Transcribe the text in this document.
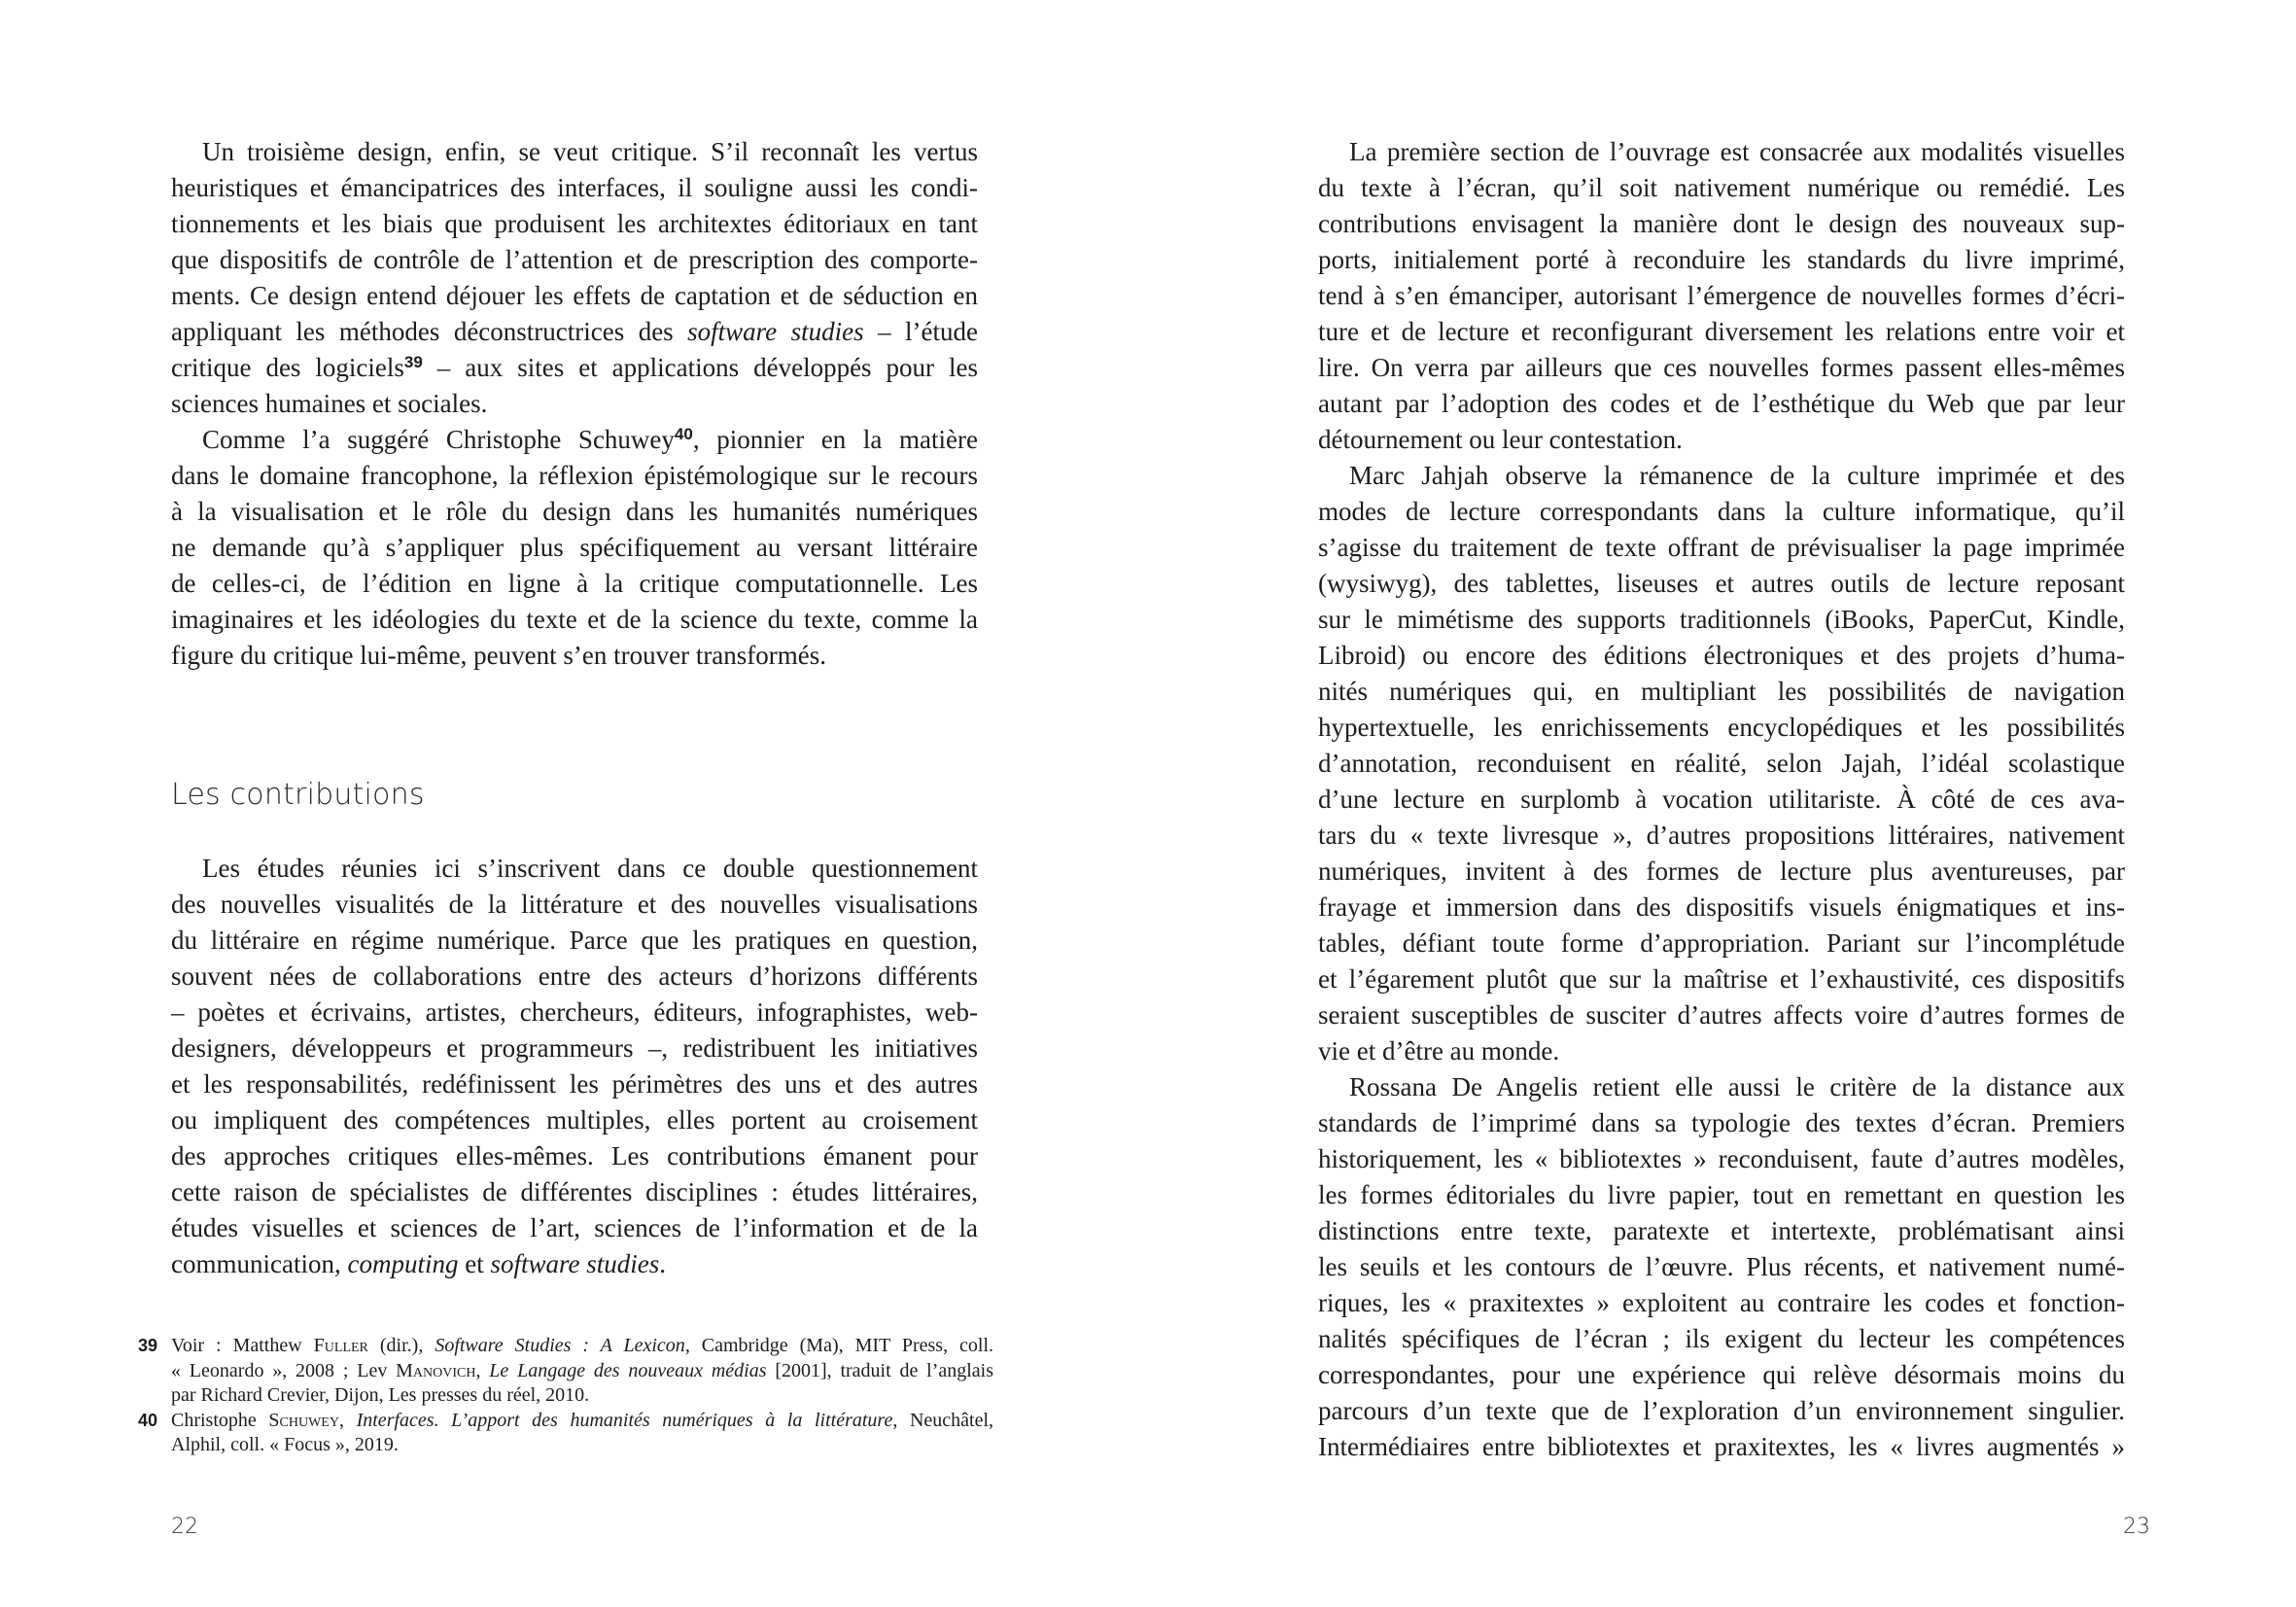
Un troisième design, enfin, se veut critique. S’il reconnaît les vertus
heuristiques et émancipatrices des interfaces, il souligne aussi les condi-
tionnements et les biais que produisent les architextes éditoriaux en tant
que dispositifs de contrôle de l’attention et de prescription des comporte-
ments. Ce design entend déjouer les effets de captation et de séduction en
appliquant les méthodes déconstructrices des software studies – l’étude
critique des logiciels$^{39}$ – aux sites et applications développés pour les
sciences humaines et sociales.
Comme l’a suggéré Christophe Schuwey$^{40}$, pionnier en la matière
dans le domaine francophone, la réflexion épistémologique sur le recours
à la visualisation et le rôle du design dans les humanités numériques
ne demande qu’à s’appliquer plus spécifiquement au versant littéraire
de celles-ci, de l’édition en ligne à la critique computationnelle. Les
imaginaires et les idéologies du texte et de la science du texte, comme la
figure du critique lui-même, peuvent s’en trouver transformés.
Les contributions
Les études réunies ici s’inscrivent dans ce double questionnement
des nouvelles visualités de la littérature et des nouvelles visualisations
du littéraire en régime numérique. Parce que les pratiques en question,
souvent nées de collaborations entre des acteurs d’horizons différents
– poètes et écrivains, artistes, chercheurs, éditeurs, infographistes, web-
designers, développeurs et programmeurs –, redistribuent les initiatives
et les responsabilités, redéfinissent les périmètres des uns et des autres
ou impliquent des compétences multiples, elles portent au croisement
des approches critiques elles-mêmes. Les contributions émanent pour
cette raison de spécialistes de différentes disciplines : études littéraires,
études visuelles et sciences de l’art, sciences de l’information et de la
communication, computing et software studies.
39 Voir : Matthew Fuller (dir.), Software Studies : A Lexicon, Cambridge (Ma), MIT Press, coll.
« Leonardo », 2008 ; Lev Manovich, Le Langage des nouveaux médias [2001], traduit de l’anglais
par Richard Crevier, Dijon, Les presses du réel, 2010.
40 Christophe Schuwey, Interfaces. L’apport des humanités numériques à la littérature, Neuchâtel,
Alphil, coll. « Focus », 2019.
22
La première section de l’ouvrage est consacrée aux modalités visuelles
du texte à l’écran, qu’il soit nativement numérique ou remédié. Les
contributions envisagent la manière dont le design des nouveaux sup-
ports, initialement porté à reconduire les standards du livre imprimé,
tend à s’en émanciper, autorisant l’émergence de nouvelles formes d’écri-
ture et de lecture et reconfigurant diversement les relations entre voir et
lire. On verra par ailleurs que ces nouvelles formes passent elles-mêmes
autant par l’adoption des codes et de l’esthétique du Web que par leur
détournement ou leur contestation.
Marc Jahjah observe la rémanence de la culture imprimée et des
modes de lecture correspondants dans la culture informatique, qu’il
s’agisse du traitement de texte offrant de prévisualiser la page imprimée
(wysiwyg), des tablettes, liseuses et autres outils de lecture reposant
sur le mimétisme des supports traditionnels (iBooks, PaperCut, Kindle,
Libroid) ou encore des éditions électroniques et des projets d’huma-
nités numériques qui, en multipliant les possibilités de navigation
hypertextuelle, les enrichissements encyclopédiques et les possibilités
d’annotation, reconduisent en réalité, selon Jajah, l’idéal scolastique
d’une lecture en surplomb à vocation utilitariste. À côté de ces ava-
tars du « texte livresque », d’autres propositions littéraires, nativement
numériques, invitent à des formes de lecture plus aventureuses, par
frayage et immersion dans des dispositifs visuels énigmatiques et ins-
tables, défiant toute forme d’appropriation. Pariant sur l’incomplétude
et l’égarement plutôt que sur la maîtrise et l’exhaustivité, ces dispositifs
seraient susceptibles de susciter d’autres affects voire d’autres formes de
vie et d’être au monde.
Rossana De Angelis retient elle aussi le critère de la distance aux
standards de l’imprimé dans sa typologie des textes d’écran. Premiers
historiquement, les « bibliotextes » reconduisent, faute d’autres modèles,
les formes éditoriales du livre papier, tout en remettant en question les
distinctions entre texte, paratexte et intertexte, problématisant ainsi
les seuils et les contours de l’œuvre. Plus récents, et nativement numé-
riques, les « praxitextes » exploitent au contraire les codes et fonction-
nalités spécifiques de l’écran ; ils exigent du lecteur les compétences
correspondantes, pour une expérience qui relève désormais moins du
parcours d’un texte que de l’exploration d’un environnement singulier.
Intermédiaires entre bibliotextes et praxitextes, les « livres augmentés »
23
